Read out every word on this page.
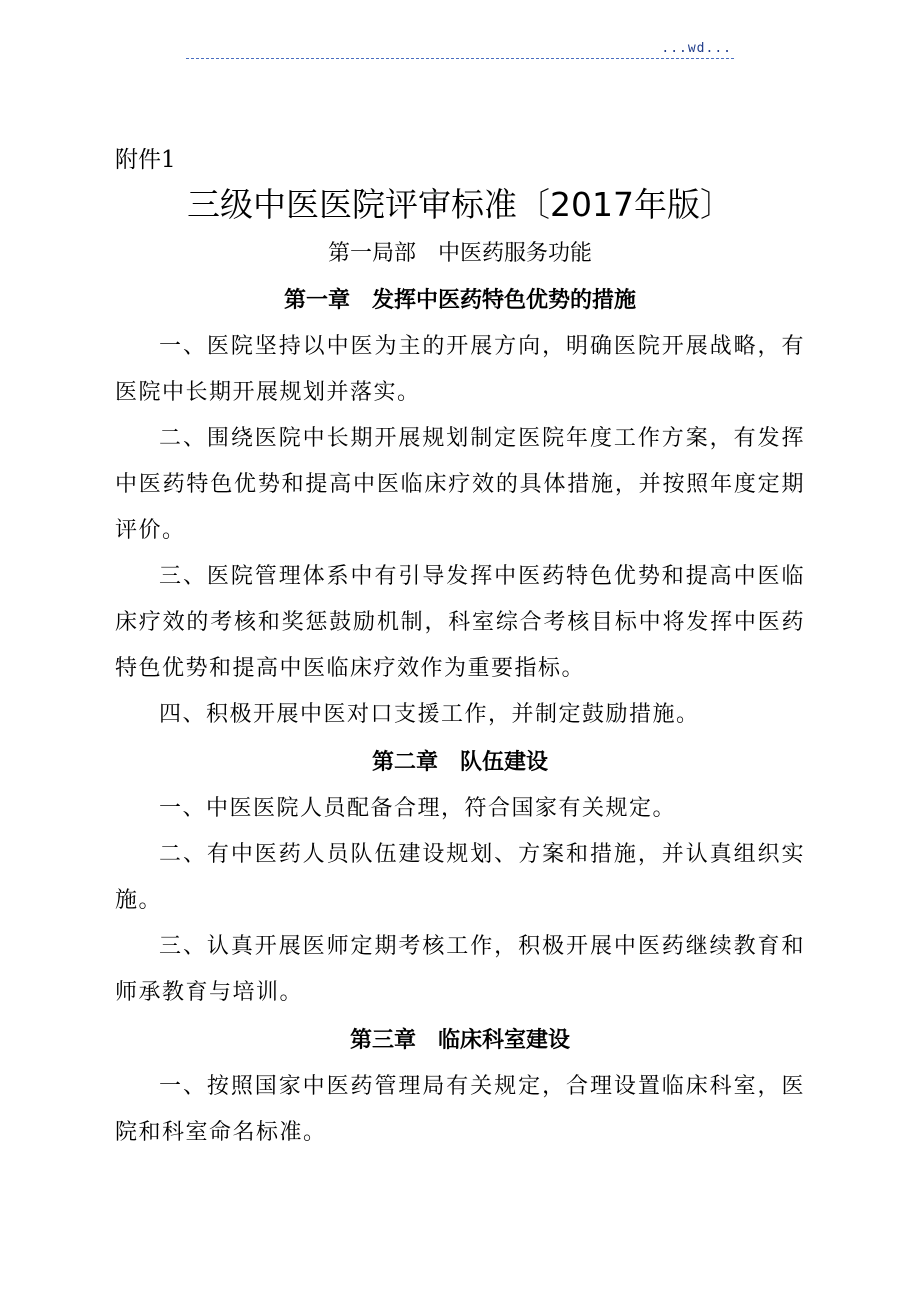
...wd...

附件1

三级中医医院评审标准〔2017年版〕
第一局部　中医药服务功能
第一章　发挥中医药特色优势的措施

一、医院坚持以中医为主的开展方向，明确医院开展战略，有医院中长期开展规划并落实。

二、围绕医院中长期开展规划制定医院年度工作方案，有发挥中医药特色优势和提高中医临床疗效的具体措施，并按照年度定期评价。

三、医院管理体系中有引导发挥中医药特色优势和提高中医临床疗效的考核和奖惩鼓励机制，科室综合考核目标中将发挥中医药特色优势和提高中医临床疗效作为重要指标。

四、积极开展中医对口支援工作，并制定鼓励措施。

第二章　队伍建设

一、中医医院人员配备合理，符合国家有关规定。

二、有中医药人员队伍建设规划、方案和措施，并认真组织实施。

三、认真开展医师定期考核工作，积极开展中医药继续教育和师承教育与培训。

第三章　临床科室建设

一、按照国家中医药管理局有关规定，合理设置临床科室，医院和科室命名标准。
